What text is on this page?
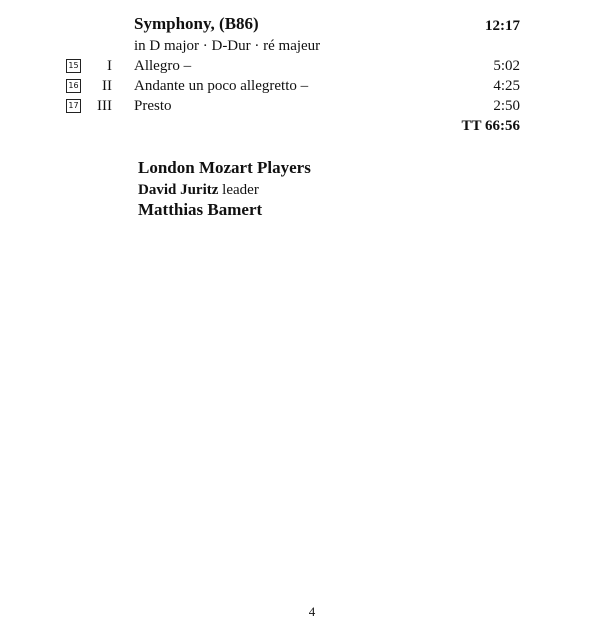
Symphony, (B86)	12:17
in D major · D-Dur · ré majeur
15 I Allegro –	5:02
16 II Andante un poco allegretto –	4:25
17 III Presto	2:50
TT 66:56
London Mozart Players
David Juritz leader
Matthias Bamert
4
